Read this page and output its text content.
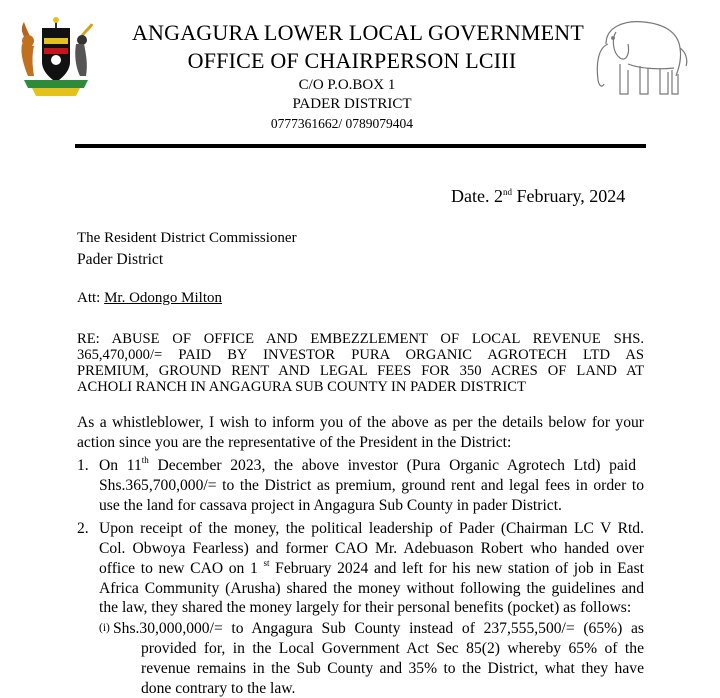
ANGAGURA LOWER LOCAL GOVERNMENT
OFFICE OF CHAIRPERSON LCIII
C/O P.O.BOX 1
PADER DISTRICT
0777361662/ 0789079404
Date. 2nd February, 2024
The Resident District Commissioner
Pader District
Att: Mr. Odongo Milton
RE: ABUSE OF OFFICE AND EMBEZZLEMENT OF LOCAL REVENUE SHS.
365,470,000/= PAID BY INVESTOR PURA ORGANIC AGROTECH LTD AS
PREMIUM, GROUND RENT AND LEGAL FEES FOR 350 ACRES OF LAND AT
ACHOLI RANCH IN ANGAGURA SUB COUNTY IN PADER DISTRICT
As a whistleblower, I wish to inform you of the above as per the details below for your
action since you are the representative of the President in the District:
1. On 11th December 2023, the above investor (Pura Organic Agrotech Ltd) paid
Shs.365,700,000/= to the District as premium, ground rent and legal fees in order to
use the land for cassava project in Angagura Sub County in pader District.
2. Upon receipt of the money, the political leadership of Pader (Chairman LC V Rtd.
Col. Obwoya Fearless) and former CAO Mr. Adebuason Robert who handed over
office to new CAO on 1 $^{st}$ February 2024 and left for his new station of job in East
Africa Community (Arusha) shared the money without following the guidelines and
the law, they shared the money largely for their personal benefits (pocket) as follows:
(i) Shs.30,000,000/= to Angagura Sub County instead of 237,555,500/= (65%) as
provided for, in the Local Government Act Sec 85(2) whereby 65% of the
revenue remains in the Sub County and 35% to the District, what they have
done contrary to the law.
